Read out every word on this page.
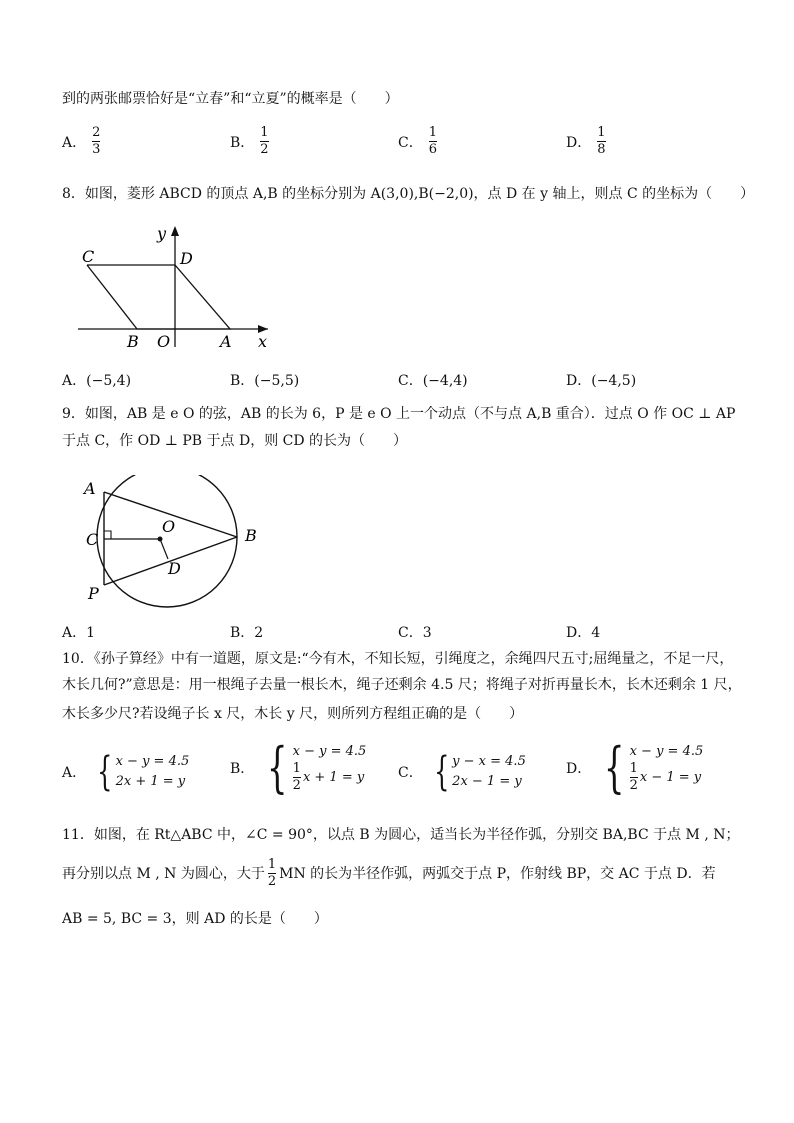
到的两张邮票恰好是“立春”和“立夏”的概率是（　　）
A． $\frac{2}{3}$	B． $\frac{1}{2}$	C． $\frac{1}{6}$	D． $\frac{1}{8}$
8．如图，菱形 ABCD 的顶点 A,B 的坐标分别为 A(3,0),B(−2,0)，点 D 在 y 轴上，则点 C 的坐标为（　　）
C	D
y
B O	A x
A．(−5,4)	B．(−5,5)	C．(−4,4)	D．(−4,5)
9．如图，AB 是 e O 的弦，AB 的长为 6，P 是 e O 上一个动点（不与点 A,B 重合）．过点 O 作 OC ⊥ AP
于点 C，作 OD ⊥ PB 于点 D，则 CD 的长为（　　）
A
B
C
O
D
P
A．1	B．2	C．3	D．4
10．《孙子算经》中有一道题，原文是:“今有木，不知长短，引绳度之，余绳四尺五寸;屈绳量之，不足一尺，
木长几何?”意思是：用一根绳子去量一根长木，绳子还剩余 4.5 尺；将绳子对折再量长木，长木还剩余 1 尺，
木长多少尺?若设绳子长 x 尺，木长 y 尺，则所列方程组正确的是（　　）
A． { x − y = 4.5
2x + 1 = y
B． { x − y = 4.5
$\frac{1}{2}$ x + 1 = y C． { y − x = 4.5
2x − 1 = y
D． { x − y = 4.5
$\frac{1}{2}$ x − 1 = y
11．如图，在 Rt△ABC 中，∠C = 90°，以点 B 为圆心，适当长为半径作弧，分别交 BA,BC 于点 M , N；
再分别以点 M , N 为圆心，大于 $\frac{1}{2}$ MN 的长为半径作弧，两弧交于点 P，作射线 BP，交 AC 于点 D．若
AB = 5, BC = 3，则 AD 的长是（　　）
